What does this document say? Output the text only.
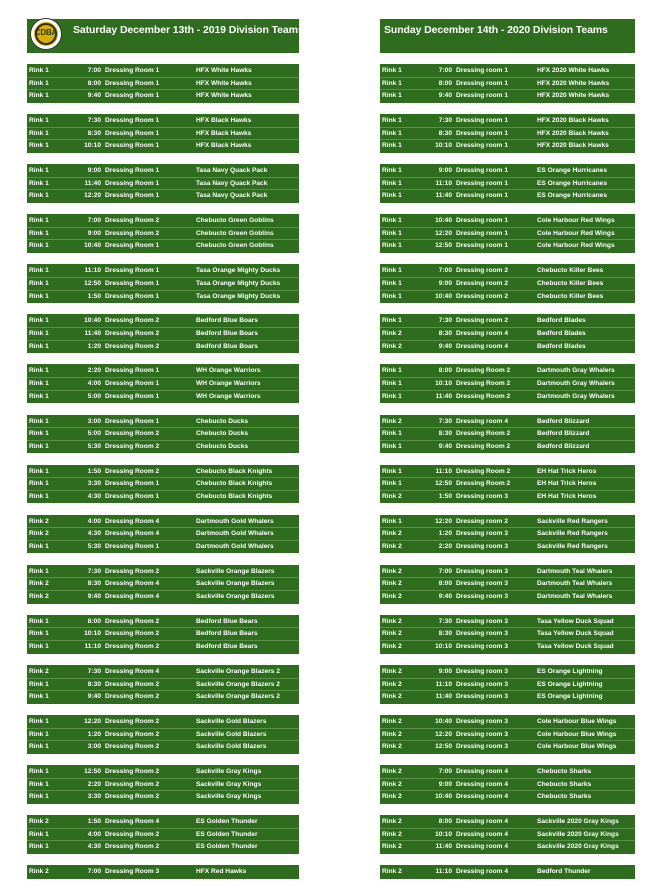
CDBA	Saturday December 13th - 2019 Division Teams
Rink 1	7:00 Dressing Room 1	HFX White Hawks
Rink 1	8:00 Dressing Room 1	HFX White Hawks
Rink 1	9:40 Dressing Room 1	HFX White Hawks
Rink 1	7:30 Dressing Room 1	HFX Black Hawks
Rink 1	8:30 Dressing Room 1	HFX Black Hawks
Rink 1	10:10 Dressing Room 1	HFX Black Hawks
Rink 1	9:00 Dressing Room 1	Tasa Navy Quack Pack
Rink 1	11:40 Dressing Room 1	Tasa Navy Quack Pack
Rink 1	12:20 Dressing Room 1	Tasa Navy Quack Pack
Rink 1	7:00 Dressing Room 2	Chebucto Green Goblins
Rink 1	9:00 Dressing Room 2	Chebucto Green Goblins
Rink 1	10:40 Dressing Room 1	Chebucto Green Goblins
Rink 1	11:10 Dressing Room 1	Tasa Orange Mighty Ducks
Rink 1	12:50 Dressing Room 1	Tasa Orange Mighty Ducks
Rink 1	1:50 Dressing Room 1	Tasa Orange Mighty Ducks
Rink 1	10:40 Dressing Room 2	Bedford Blue Boars
Rink 1	11:40 Dressing Room 2	Bedford Blue Boars
Rink 1	1:20 Dressing Room 2	Bedford Blue Boars
Rink 1	2:20 Dressing Room 1	WH Orange Warriors
Rink 1	4:00 Dressing Room 1	WH Orange Warriors
Rink 1	5:00 Dressing Room 1	WH Orange Warriors
Rink 1	3:00 Dressing Room 1	Chebucto Ducks
Rink 1	5:00 Dressing Room 2	Chebucto Ducks
Rink 1	5:30 Dressing Room 2	Chebucto Ducks
Rink 1	1:50 Dressing Room 2	Chebucto Black Knights
Rink 1	3:30 Dressing Room 1	Chebucto Black Knights
Rink 1	4:30 Dressing Room 1	Chebucto Black Knights
Rink 2	4:00 Dressing Room 4	Dartmouth Gold Whalers
Rink 2	4:30 Dressing Room 4	Dartmouth Gold Whalers
Rink 1	5:30 Dressing Room 1	Dartmouth Gold Whalers
Rink 1	7:30 Dressing Room 2	Sackville Orange Blazers
Rink 2	8:30 Dressing Room 4	Sackville Orange Blazers
Rink 2	9:40 Dressing Room 4	Sackville Orange Blazers
Rink 1	8:00 Dressing Room 2	Bedford Blue Bears
Rink 1	10:10 Dressing Room 2	Bedford Blue Bears
Rink 1	11:10 Dressing Room 2	Bedford Blue Bears
Rink 2	7:30 Dressing Room 4	Sackville Orange Blazers 2
Rink 1	8:30 Dressing Room 2	Sackville Orange Blazers 2
Rink 1	9:40 Dressing Room 2	Sackville Orange Blazers 2
Rink 1	12:20 Dressing Room 2	Sackville Gold Blazers
Rink 1	1:20 Dressing Room 2	Sackville Gold Blazers
Rink 1	3:00 Dressing Room 2	Sackville Gold Blazers
Rink 1	12:50 Dressing Room 2	Sackville Gray Kings
Rink 1	2:20 Dressing Room 2	Sackville Gray Kings
Rink 1	3:30 Dressing Room 2	Sackville Gray Kings
Rink 2	1:50 Dressing Room 4	ES Golden Thunder
Rink 1	4:00 Dressing Room 2	ES Golden Thunder
Rink 1	4:30 Dressing Room 2	ES Golden Thunder
Rink 2	7:00 Dressing Room 3	HFX Red Hawks
Sunday December 14th - 2020 Division Teams
Rink 1	7:00 Dressing room 1	HFX 2020 White Hawks
Rink 1	8:00 Dressing room 1	HFX 2020 White Hawks
Rink 1	9:40 Dressing room 1	HFX 2020 White Hawks
Rink 1	7:30 Dressing room 1	HFX 2020 Black Hawks
Rink 1	8:30 Dressing room 1	HFX 2020 Black Hawks
Rink 1	10:10 Dressing room 1	HFX 2020 Black Hawks
Rink 1	9:00 Dressing room 1	ES Orange Hurricanes
Rink 1	11:10 Dressing room 1	ES Orange Hurricanes
Rink 1	11:40 Dressing room 1	ES Orange Hurricanes
Rink 1	10:40 Dressing room 1	Cole Harbour Red Wings
Rink 1	12:20 Dressing room 1	Cole Harbour Red Wings
Rink 1	12:50 Dressing room 1	Cole Harbour Red Wings
Rink 1	7:00 Dressing room 2	Chebucto Killer Bees
Rink 1	9:00 Dressing room 2	Chebucto Killer Bees
Rink 1	10:40 Dressing room 2	Chebucto Killer Bees
Rink 1	7:30 Dressing room 2	Bedford Blades
Rink 2	8:30 Dressing room 4	Bedford Blades
Rink 2	9:40 Dressing room 4	Bedford Blades
Rink 1	8:00 Dressing Room 2	Dartmouth Gray Whalers
Rink 1	10:10 Dressing Room 2	Dartmouth Gray Whalers
Rink 1	11:40 Dressing Room 2	Dartmouth Gray Whalers
Rink 2	7:30 Dressing room 4	Bedford Blizzard
Rink 1	8:30 Dressing Room 2	Bedford Blizzard
Rink 1	9:40 Dressing Room 2	Bedford Blizzard
Rink 1	11:10 Dressing Room 2	EH Hat Trick Heros
Rink 1	12:50 Dressing Room 2	EH Hat Trick Heros
Rink 2	1:50 Dressing room 3	EH Hat Trick Heros
Rink 1	12:20 Dressing room 2	Sackville Red Rangers
Rink 2	1:20 Dressing room 3	Sackville Red Rangers
Rink 2	2:20 Dressing room 3	Sackville Red Rangers
Rink 2	7:00 Dressing room 3	Dartmouth Teal Whalers
Rink 2	8:00 Dressing room 3	Dartmouth Teal Whalers
Rink 2	9:40 Dressing room 3	Dartmouth Teal Whalers
Rink 2	7:30 Dressing room 3	Tasa Yellow Duck Squad
Rink 2	8:30 Dressing room 3	Tasa Yellow Duck Squad
Rink 2	10:10 Dressing room 3	Tasa Yellow Duck Squad
Rink 2	9:00 Dressing room 3	ES Orange Lightning
Rink 2	11:10 Dressing room 3	ES Orange Lightning
Rink 2	11:40 Dressing room 3	ES Orange Lightning
Rink 2	10:40 Dressing room 3	Cole Harbour Blue Wings
Rink 2	12:20 Dressing room 3	Cole Harbour Blue Wings
Rink 2	12:50 Dressing room 3	Cole Harbour Blue Wings
Rink 2	7:00 Dressing room 4	Chebucto Sharks
Rink 2	9:00 Dressing room 4	Chebucto Sharks
Rink 2	10:40 Dressing room 4	Chebucto Sharks
Rink 2	8:00 Dressing room 4	Sackville 2020 Gray Kings
Rink 2	10:10 Dressing room 4	Sackville 2020 Gray Kings
Rink 2	11:40 Dressing room 4	Sackville 2020 Gray Kings
Rink 2	11:10 Dressing room 4	Bedford Thunder
